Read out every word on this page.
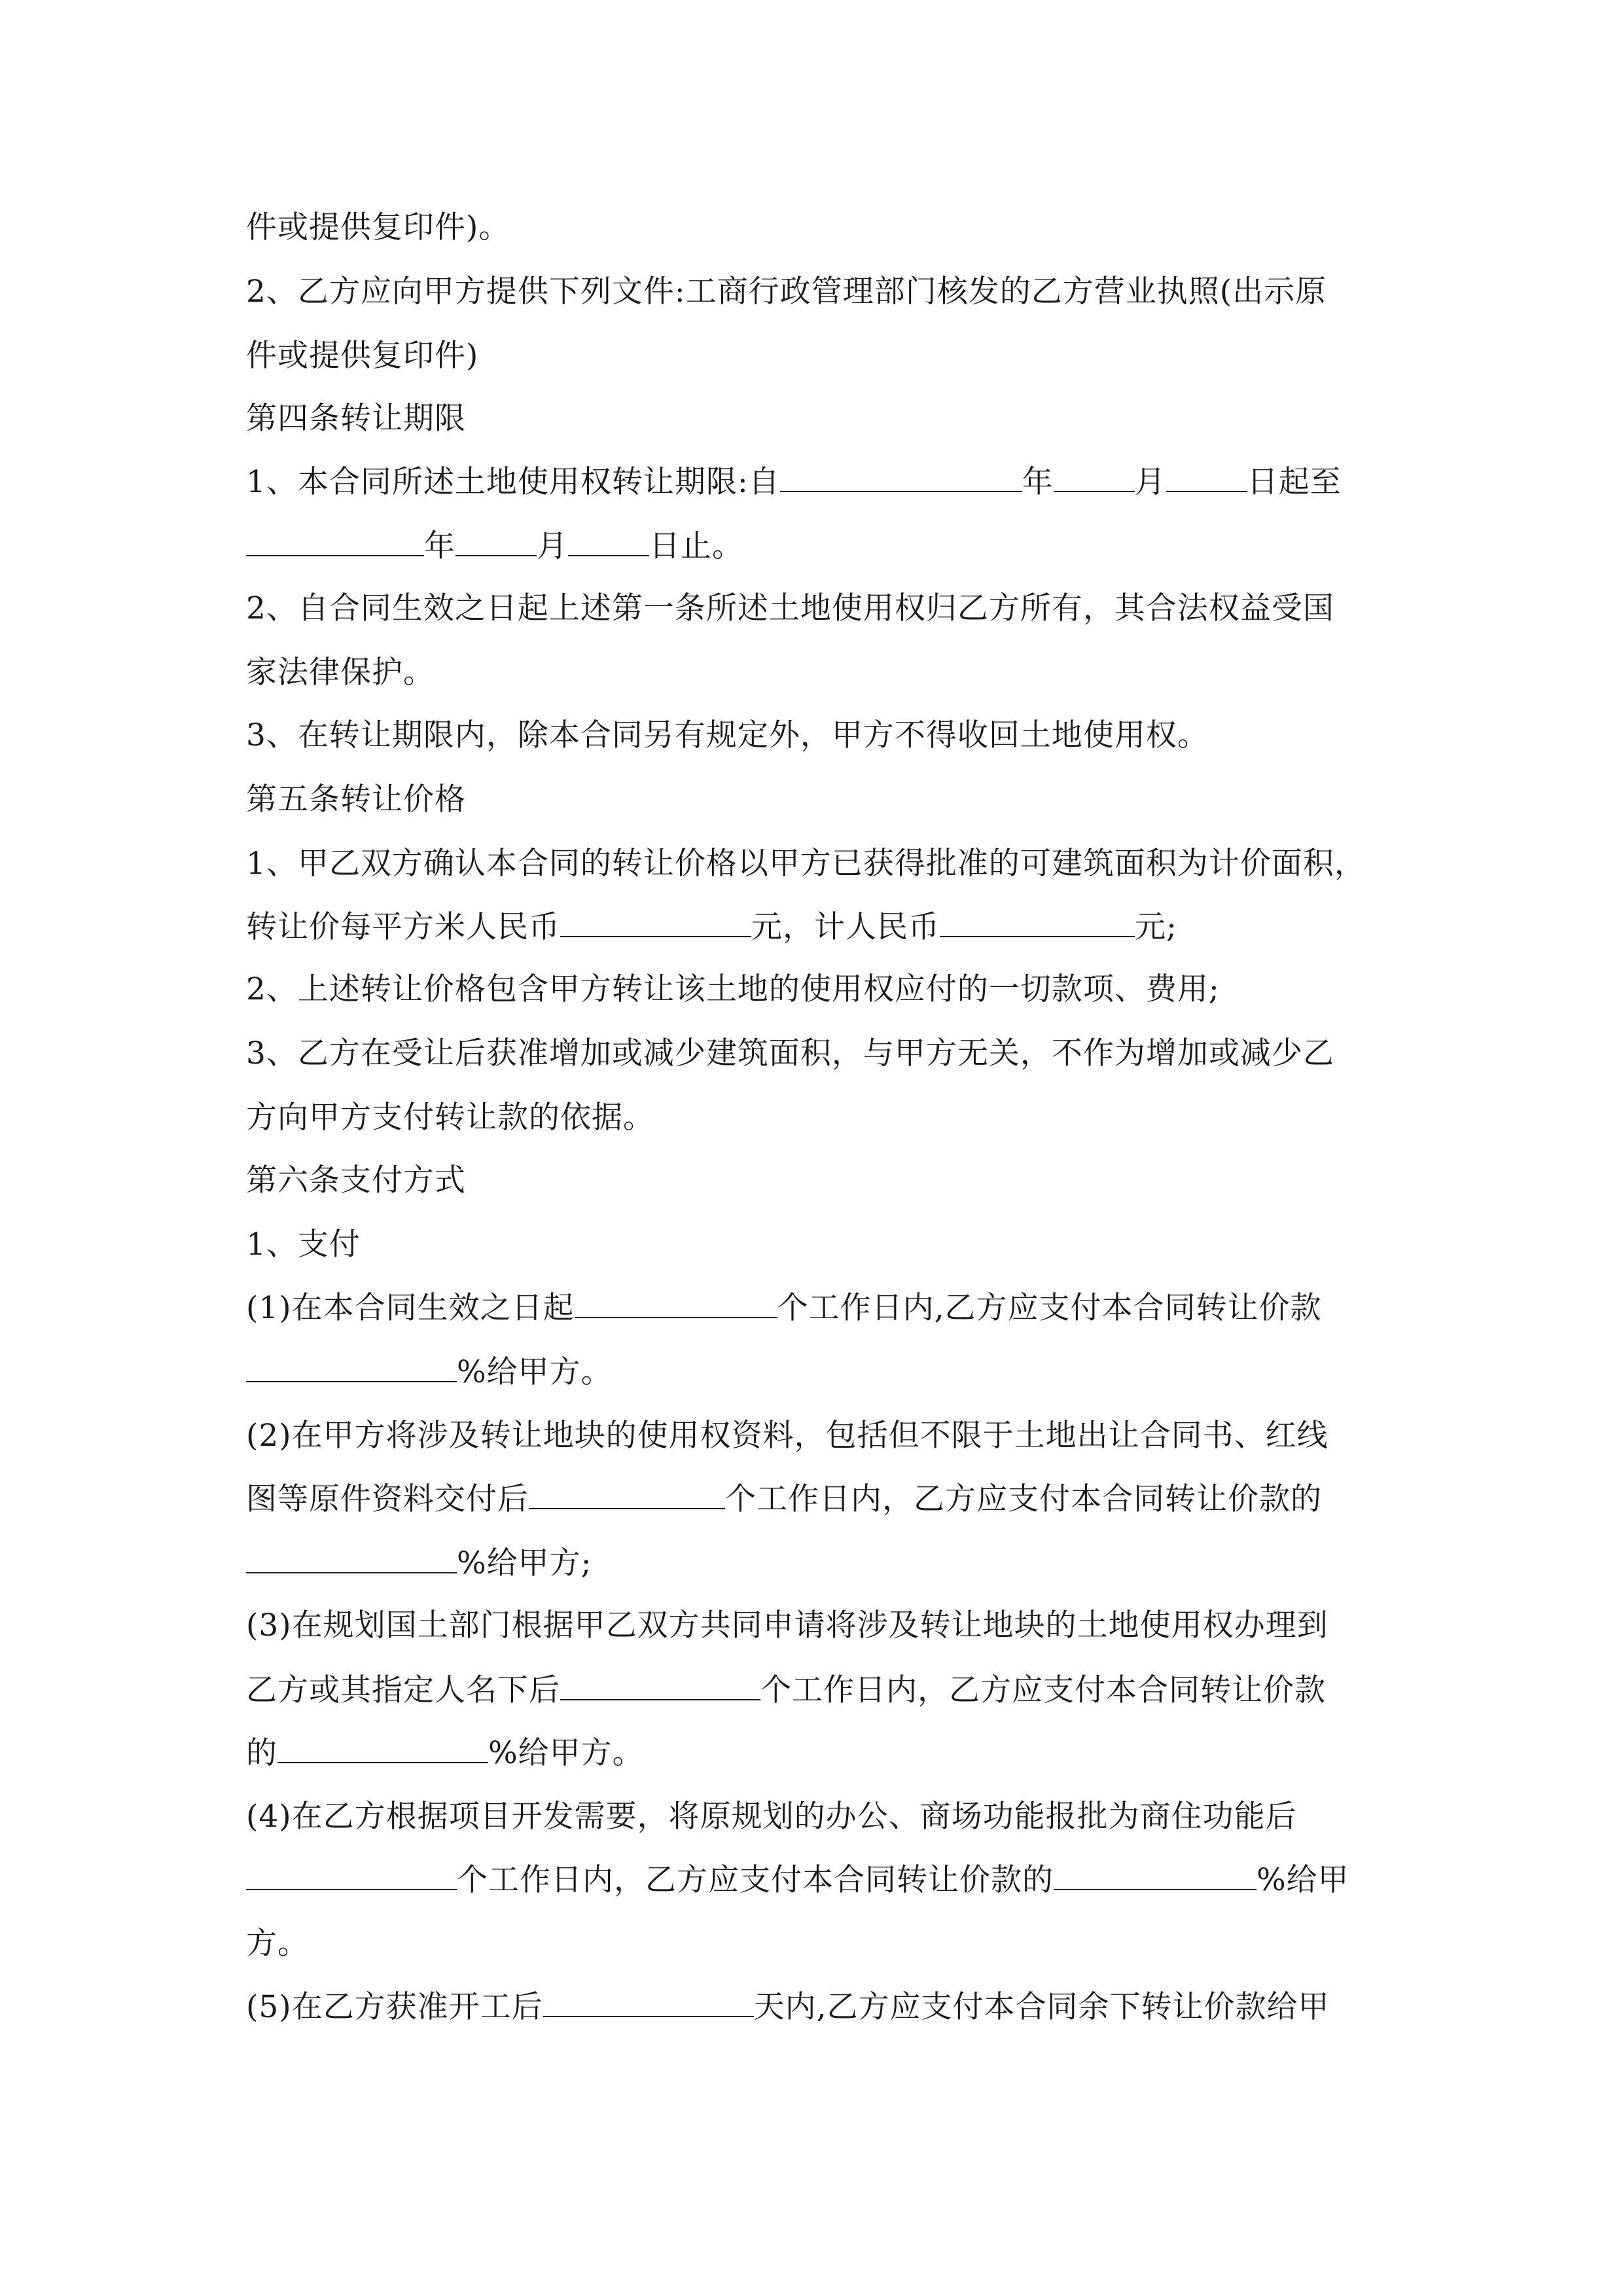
件或提供复印件)。

2、乙方应向甲方提供下列文件:工商行政管理部门核发的乙方营业执照(出示原

件或提供复印件)

第四条转让期限

1、本合同所述土地使用权转让期限:自	年	月	日起至

年	月	日止。

2、自合同生效之日起上述第一条所述土地使用权归乙方所有，其合法权益受国

家法律保护。

3、在转让期限内，除本合同另有规定外，甲方不得收回土地使用权。

第五条转让价格

1、甲乙双方确认本合同的转让价格以甲方已获得批准的可建筑面积为计价面积，

转让价每平方米人民币	元，计人民币	元;

2、上述转让价格包含甲方转让该土地的使用权应付的一切款项、费用;

3、乙方在受让后获准增加或减少建筑面积，与甲方无关，不作为增加或减少乙

方向甲方支付转让款的依据。

第六条支付方式

1、支付

(1)在本合同生效之日起	个工作日内,乙方应支付本合同转让价款

%给甲方。

(2)在甲方将涉及转让地块的使用权资料，包括但不限于土地出让合同书、红线

图等原件资料交付后	个工作日内，乙方应支付本合同转让价款的

%给甲方;

(3)在规划国土部门根据甲乙双方共同申请将涉及转让地块的土地使用权办理到

乙方或其指定人名下后	个工作日内，乙方应支付本合同转让价款

的	%给甲方。

(4)在乙方根据项目开发需要，将原规划的办公、商场功能报批为商住功能后

个工作日内，乙方应支付本合同转让价款的	%给甲

方。

(5)在乙方获准开工后	天内,乙方应支付本合同余下转让价款给甲
